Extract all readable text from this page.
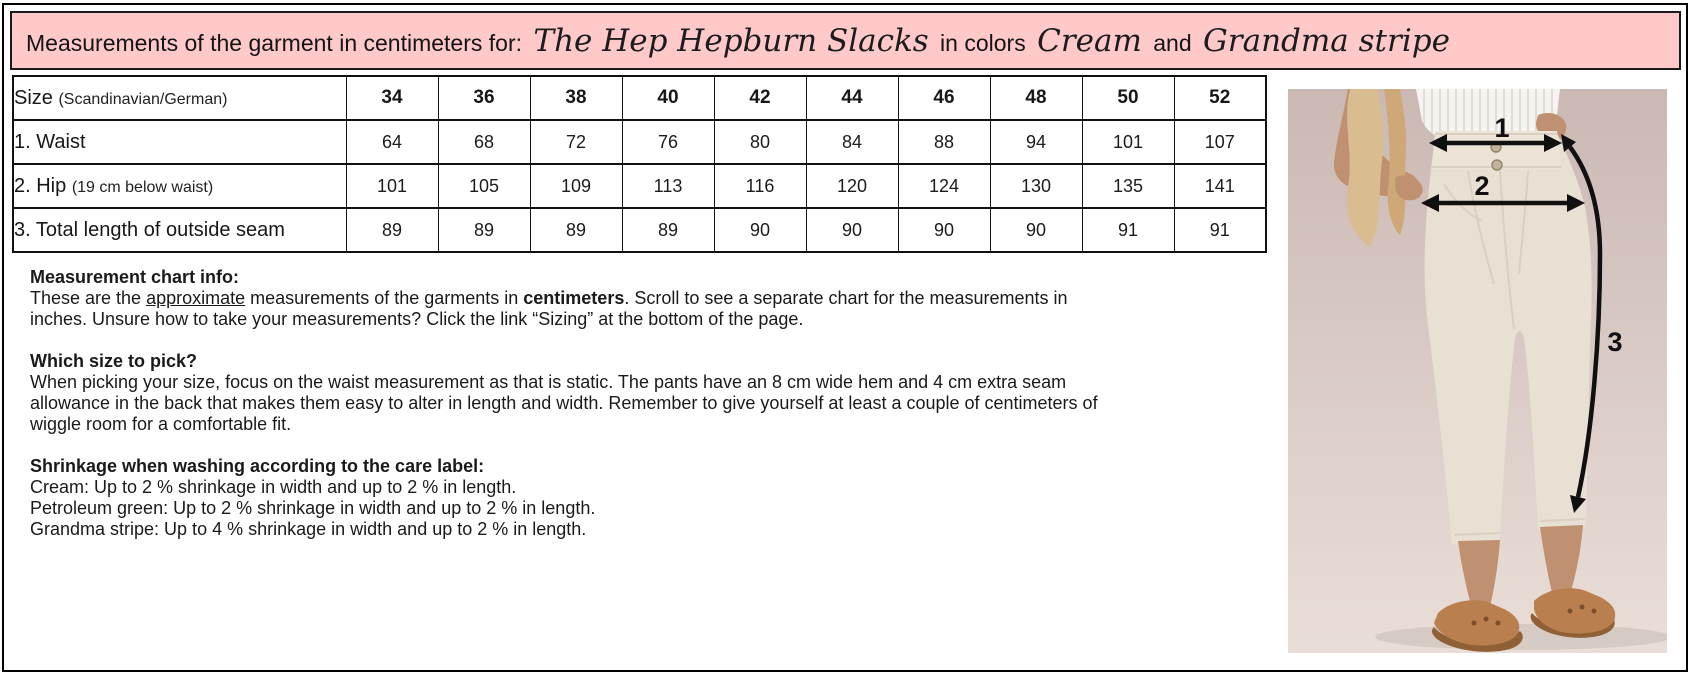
Measurements of the garment in centimeters for: The Hep Hepburn Slacks in colors Cream and Grandma stripe
Size (Scandinavian/German)	34	36	38	40	42	44	46	48	50	52
1. Waist	64	68	72	76	80	84	88	94	101	107
2. Hip (19 cm below waist)	101	105	109	113	116	120	124	130	135	141
3. Total length of outside seam	89	89	89	89	90	90	90	90	91	91
Measurement chart info:
These are the approximate measurements of the garments in centimeters. Scroll to see a separate chart for the measurements in inches. Unsure how to take your measurements? Click the link “Sizing” at the bottom of the page.
Which size to pick?
When picking your size, focus on the waist measurement as that is static. The pants have an 8 cm wide hem and 4 cm extra seam allowance in the back that makes them easy to alter in length and width. Remember to give yourself at least a couple of centimeters of wiggle room for a comfortable fit.
Shrinkage when washing according to the care label:
Cream: Up to 2 % shrinkage in width and up to 2 % in length.
Petroleum green: Up to 2 % shrinkage in width and up to 2 % in length.
Grandma stripe: Up to 4 % shrinkage in width and up to 2 % in length.
1
2
3
